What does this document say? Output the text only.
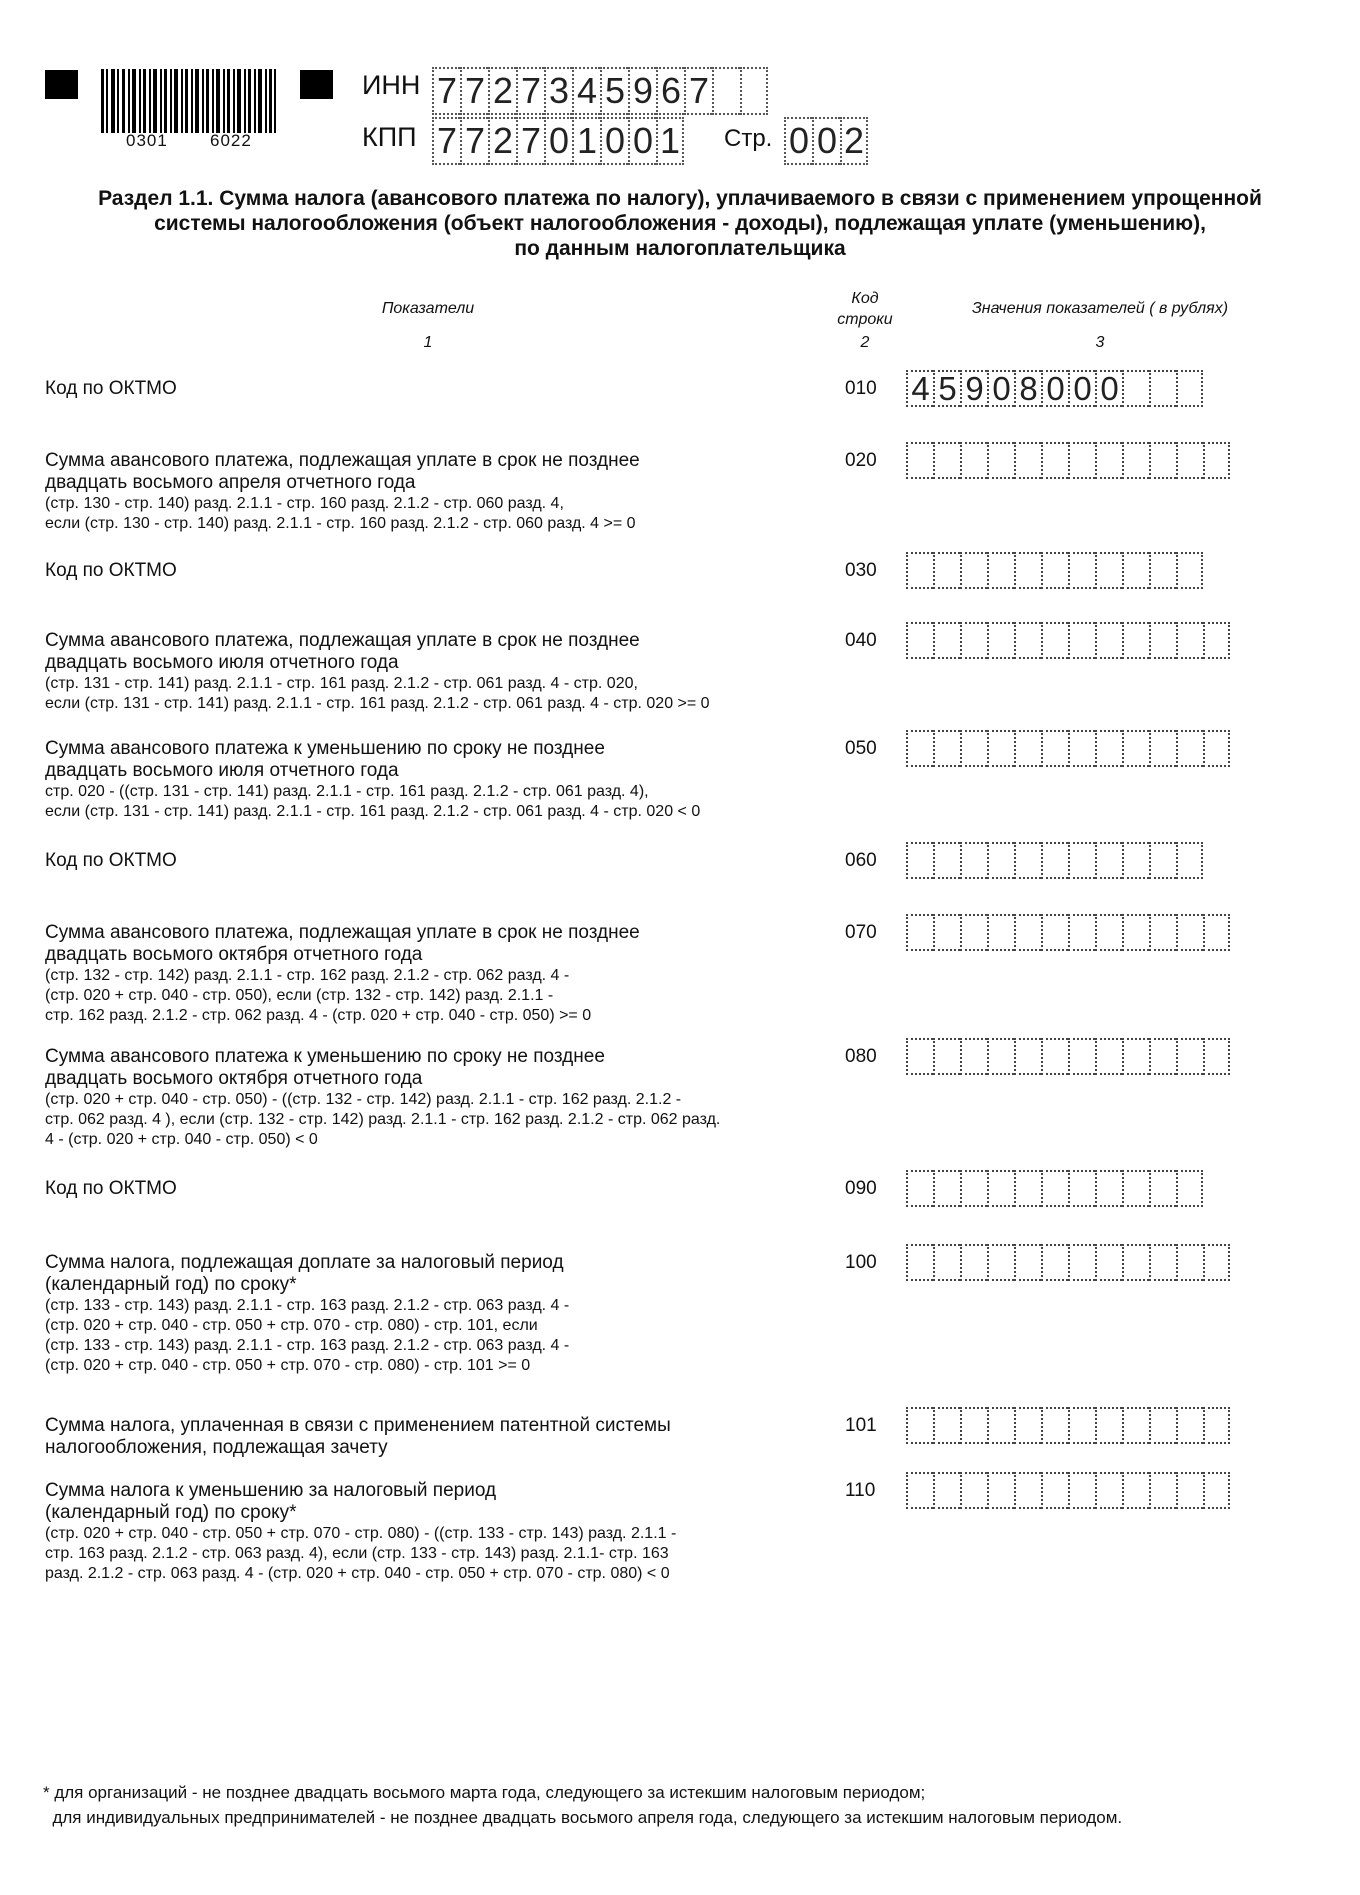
0301 6022
ИНН 7 7 2 7 3 4 5 9 6 7
КПП 7 7 2 7 0 1 0 0 1 Стр. 0 0 2
Раздел 1.1. Сумма налога (авансового платежа по налогу), уплачиваемого в связи с применением упрощенной
системы налогообложения (объект налогообложения - доходы), подлежащая уплате (уменьшению),
по данным налогоплательщика
Показатели
1
Код
строки
2
Значения показателей ( в рублях)
3
Код по ОКТМО	010 4 5 9 0 8 0 0 0
Сумма авансового платежа, подлежащая уплате в срок не позднее
двадцать восьмого апреля отчетного года
(стр. 130 - стр. 140) разд. 2.1.1 - стр. 160 разд. 2.1.2 - стр. 060 разд. 4,
если (стр. 130 - стр. 140) разд. 2.1.1 - стр. 160 разд. 2.1.2 - стр. 060 разд. 4 >= 0
020
Код по ОКТМО	030
Сумма авансового платежа, подлежащая уплате в срок не позднее
двадцать восьмого июля отчетного года
(стр. 131 - стр. 141) разд. 2.1.1 - стр. 161 разд. 2.1.2 - стр. 061 разд. 4 - стр. 020,
если (стр. 131 - стр. 141) разд. 2.1.1 - стр. 161 разд. 2.1.2 - стр. 061 разд. 4 - стр. 020 >= 0
040
Сумма авансового платежа к уменьшению по сроку не позднее
двадцать восьмого июля отчетного года
стр. 020 - ((стр. 131 - стр. 141) разд. 2.1.1 - стр. 161 разд. 2.1.2 - стр. 061 разд. 4),
если (стр. 131 - стр. 141) разд. 2.1.1 - стр. 161 разд. 2.1.2 - стр. 061 разд. 4 - стр. 020 < 0
050
Код по ОКТМО	060
Сумма авансового платежа, подлежащая уплате в срок не позднее
двадцать восьмого октября отчетного года
(стр. 132 - стр. 142) разд. 2.1.1 - стр. 162 разд. 2.1.2 - стр. 062 разд. 4 -
(стр. 020 + стр. 040 - стр. 050), если (стр. 132 - стр. 142) разд. 2.1.1 -
стр. 162 разд. 2.1.2 - стр. 062 разд. 4 - (стр. 020 + стр. 040 - стр. 050) >= 0
070
Сумма авансового платежа к уменьшению по сроку не позднее
двадцать восьмого октября отчетного года
(стр. 020 + стр. 040 - стр. 050) - ((стр. 132 - стр. 142) разд. 2.1.1 - стр. 162 разд. 2.1.2 -
стр. 062 разд. 4 ), если (стр. 132 - стр. 142) разд. 2.1.1 - стр. 162 разд. 2.1.2 - стр. 062 разд.
4 - (стр. 020 + стр. 040 - стр. 050) < 0
080
Код по ОКТМО	090
Сумма налога, подлежащая доплате за налоговый период
(календарный год) по сроку*
(стр. 133 - стр. 143) разд. 2.1.1 - стр. 163 разд. 2.1.2 - стр. 063 разд. 4 -
(стр. 020 + стр. 040 - стр. 050 + стр. 070 - стр. 080) - стр. 101, если
(стр. 133 - стр. 143) разд. 2.1.1 - стр. 163 разд. 2.1.2 - стр. 063 разд. 4 -
(стр. 020 + стр. 040 - стр. 050 + стр. 070 - стр. 080) - стр. 101 >= 0
100
Сумма налога, уплаченная в связи с применением патентной системы
налогообложения, подлежащая зачету
101
Сумма налога к уменьшению за налоговый период
(календарный год) по сроку*
(стр. 020 + стр. 040 - стр. 050 + стр. 070 - стр. 080) - ((стр. 133 - стр. 143) разд. 2.1.1 -
стр. 163 разд. 2.1.2 - стр. 063 разд. 4), если (стр. 133 - стр. 143) разд. 2.1.1- стр. 163
разд. 2.1.2 - стр. 063 разд. 4 - (стр. 020 + стр. 040 - стр. 050 + стр. 070 - стр. 080) < 0
110
* для организаций - не позднее двадцать восьмого марта года, следующего за истекшим налоговым периодом;
для индивидуальных предпринимателей - не позднее двадцать восьмого апреля года, следующего за истекшим налоговым периодом.
